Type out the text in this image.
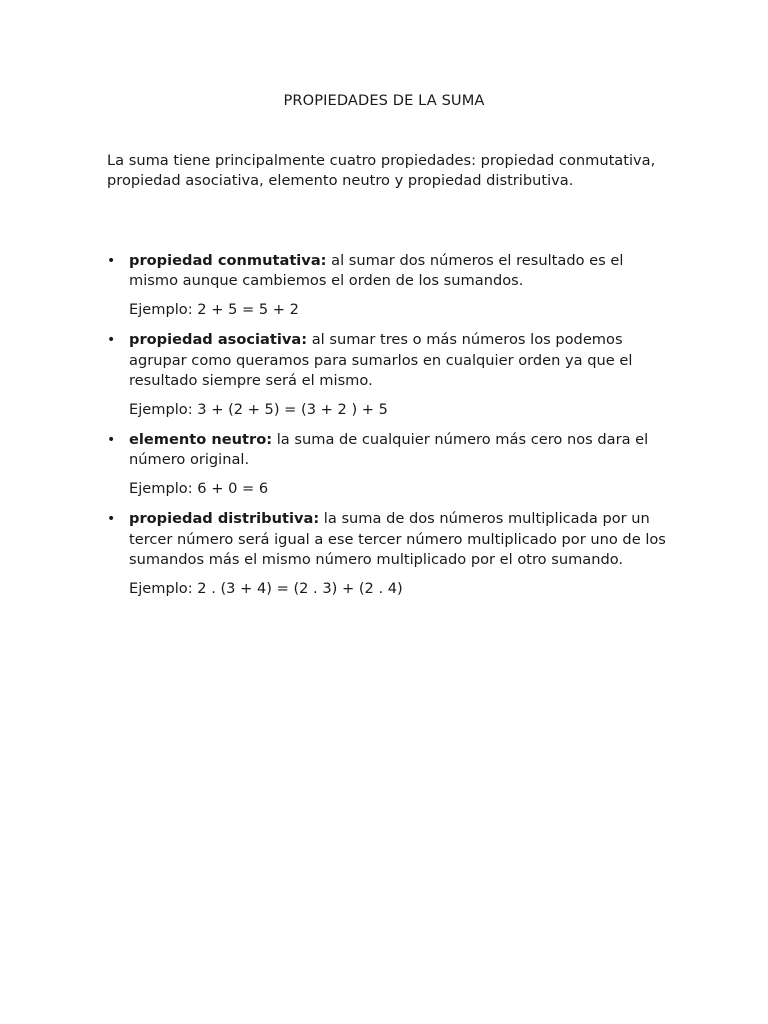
PROPIEDADES DE LA SUMA

La suma tiene principalmente cuatro propiedades: propiedad conmutativa, propiedad asociativa, elemento neutro y propiedad distributiva.

• propiedad conmutativa: al sumar dos números el resultado es el mismo aunque cambiemos el orden de los sumandos.

Ejemplo: 2 + 5 = 5 + 2

• propiedad asociativa: al sumar tres o más números los podemos agrupar como queramos para sumarlos en cualquier orden ya que el resultado siempre será el mismo.

Ejemplo: 3 + (2 + 5) = (3 + 2 ) + 5

• elemento neutro: la suma de cualquier número más cero nos dara el número original.

Ejemplo: 6 + 0 = 6

• propiedad distributiva: la suma de dos números multiplicada por un tercer número será igual a ese tercer número multiplicado por uno de los sumandos más el mismo número multiplicado por el otro sumando.

Ejemplo: 2 . (3 + 4) = (2 . 3) + (2 . 4)
